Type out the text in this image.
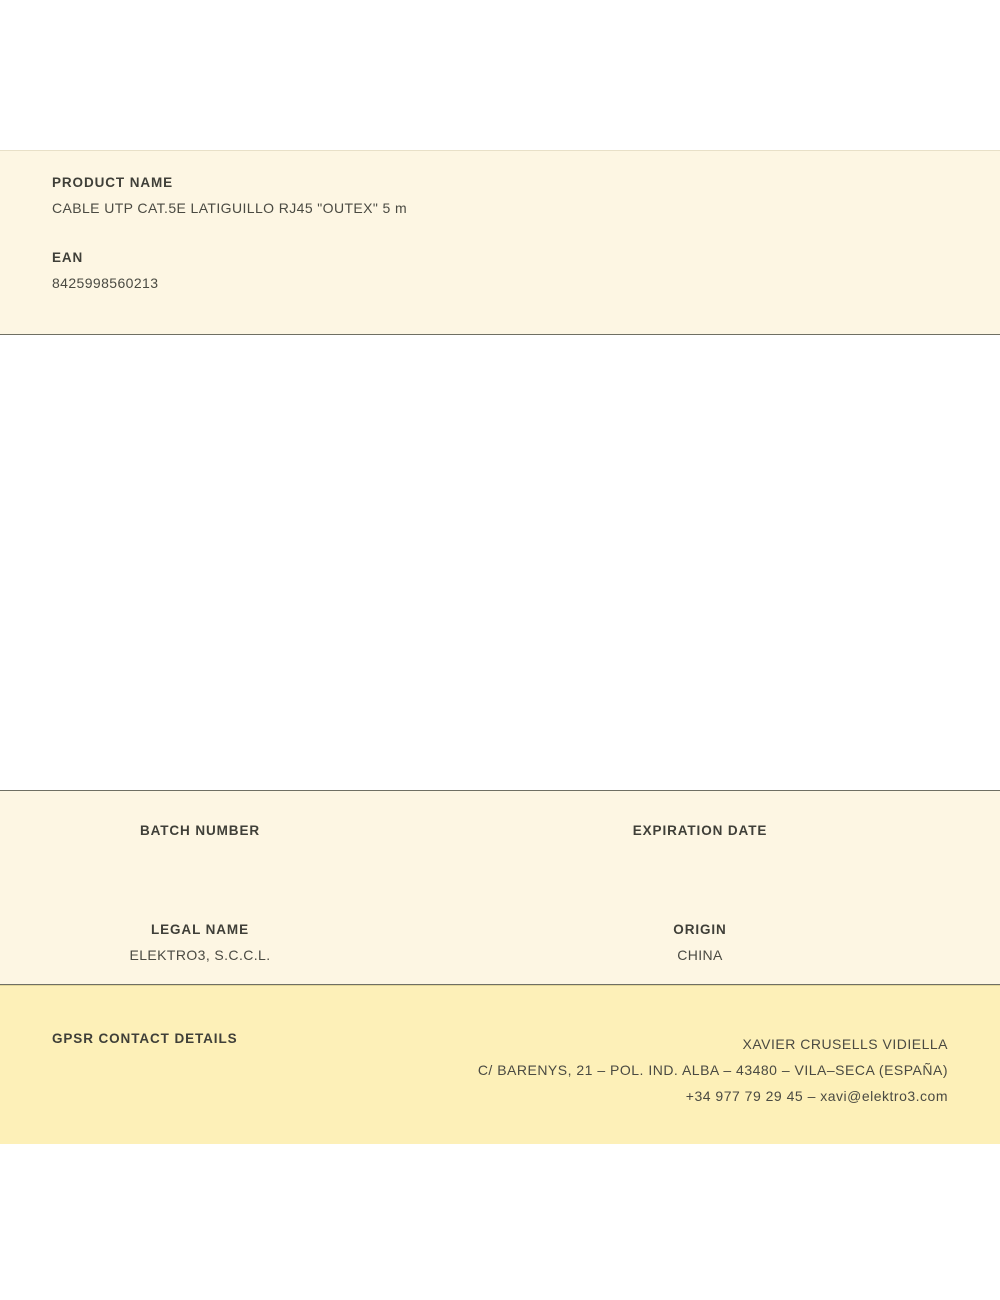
PRODUCT NAME

CABLE UTP CAT.5E LATIGUILLO RJ45 "OUTEX" 5 m

EAN

8425998560213

BATCH NUMBER	EXPIRATION DATE

LEGAL NAME

ELEKTRO3, S.C.C.L.

ORIGIN

CHINA

GPSR CONTACT DETAILS	XAVIER CRUSELLS VIDIELLA

C/ BARENYS, 21 – POL. IND. ALBA – 43480 – VILA–SECA (ESPAÑA)

+34 977 79 29 45 – xavi@elektro3.com
